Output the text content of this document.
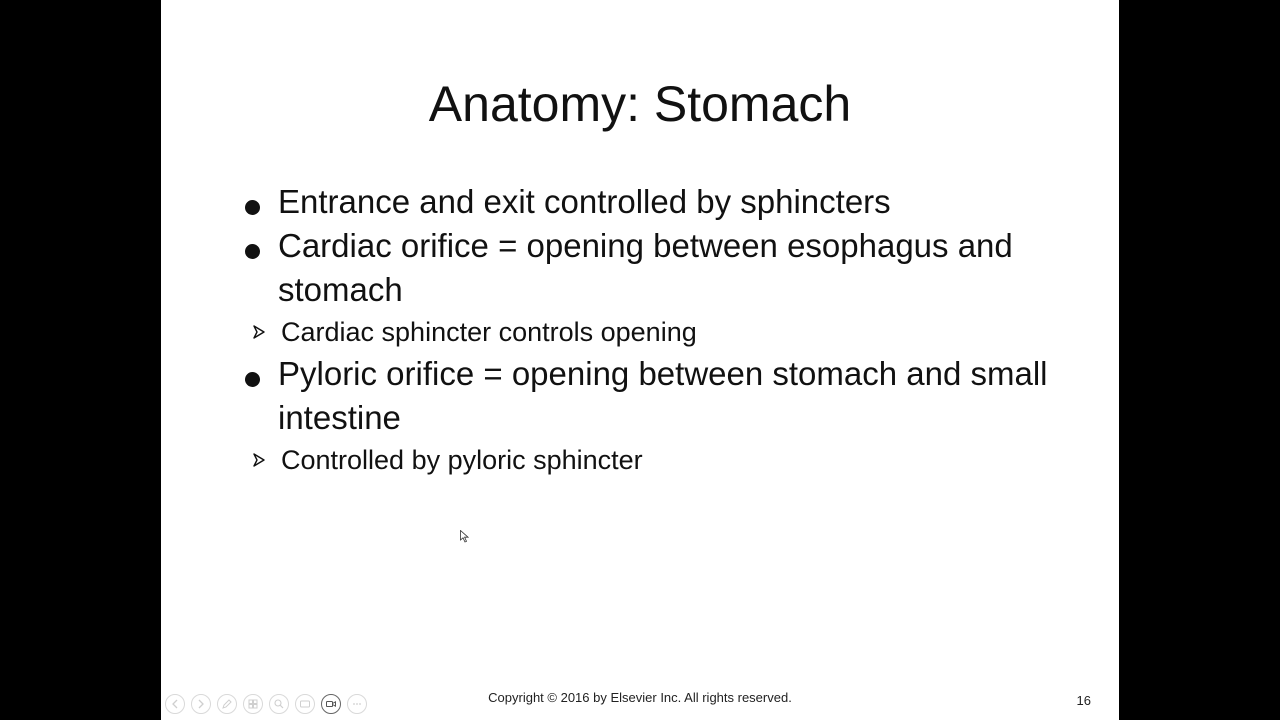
Anatomy: Stomach
Entrance and exit controlled by sphincters
Cardiac orifice = opening between esophagus and stomach
Cardiac sphincter controls opening
Pyloric orifice = opening between stomach and small intestine
Controlled by pyloric sphincter
Copyright © 2016 by Elsevier Inc. All rights reserved.	16
